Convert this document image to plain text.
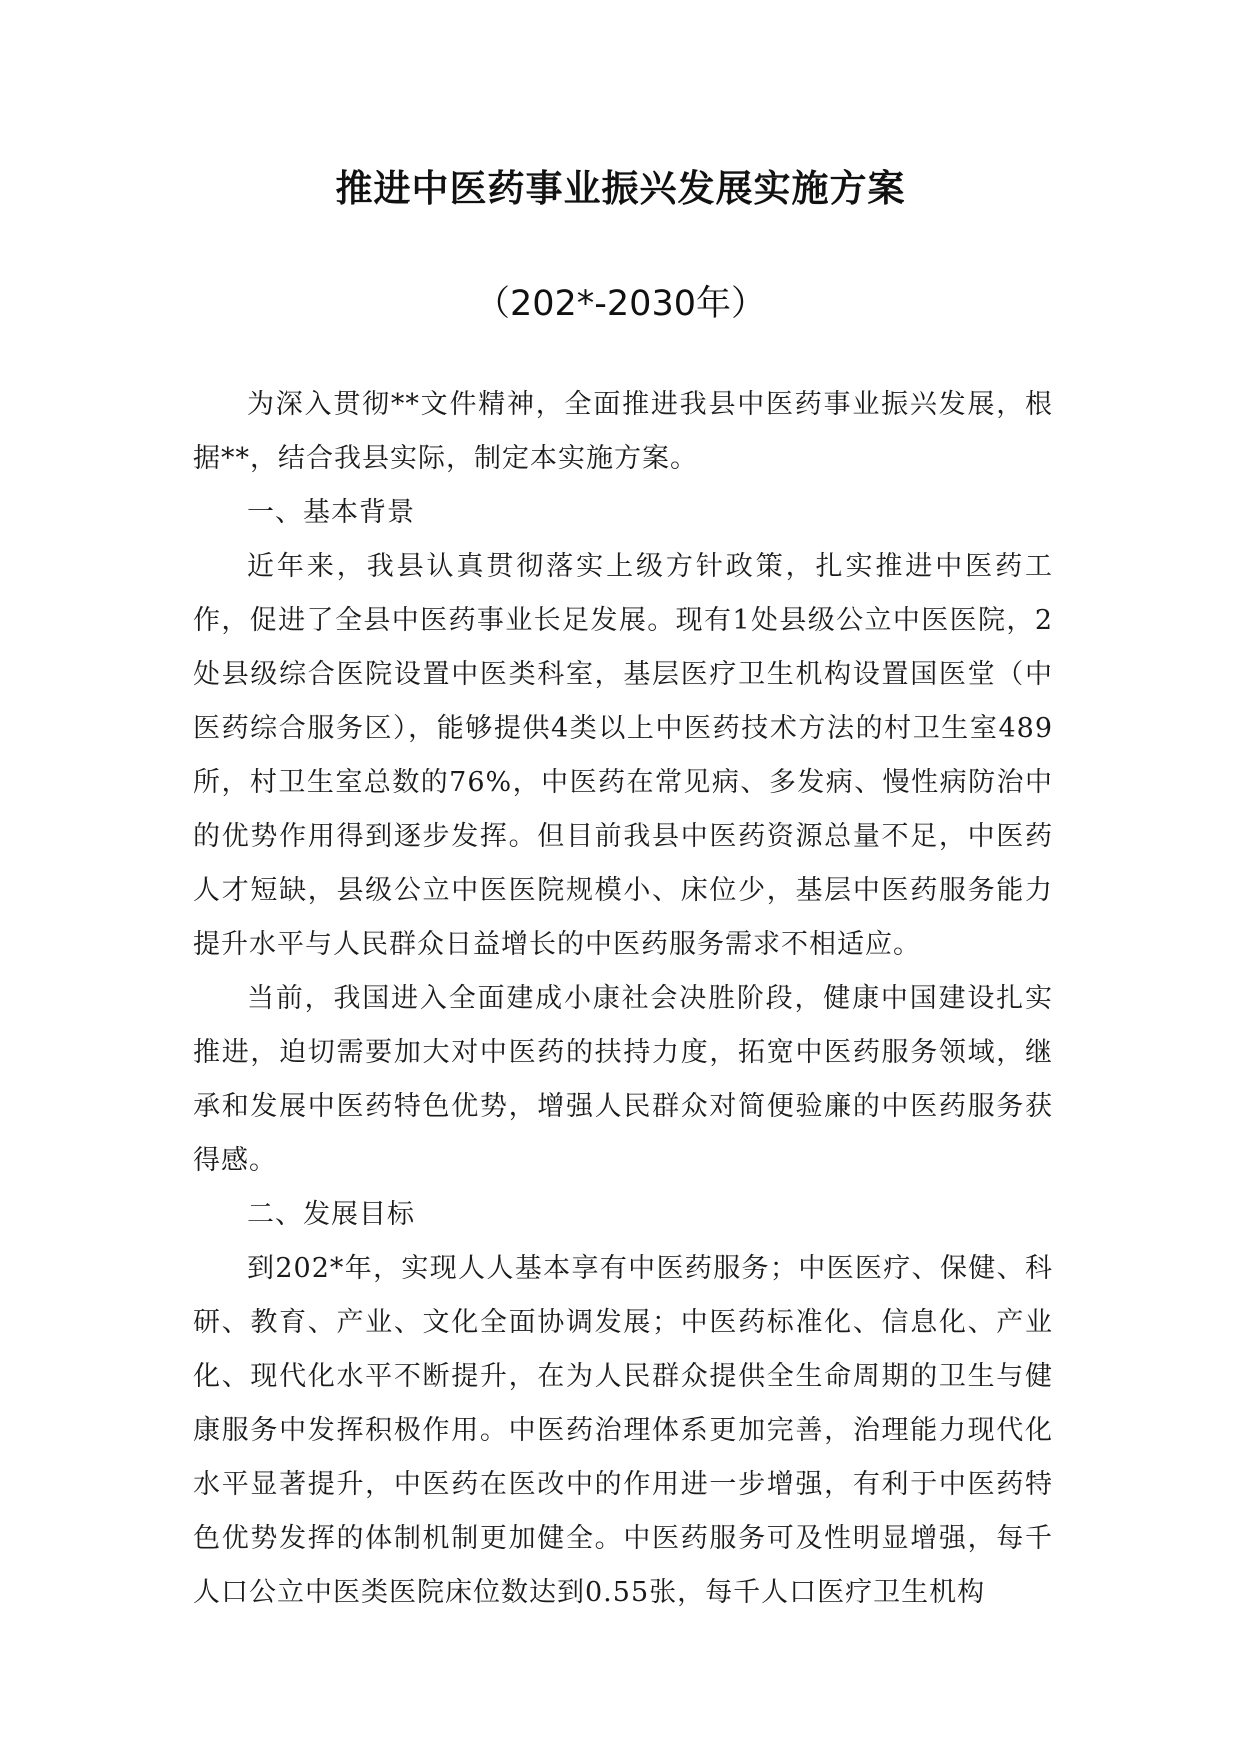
推进中医药事业振兴发展实施方案
（202*-2030年）

为深入贯彻**文件精神，全面推进我县中医药事业振兴发展，根据**，结合我县实际，制定本实施方案。

一、基本背景

近年来，我县认真贯彻落实上级方针政策，扎实推进中医药工作，促进了全县中医药事业长足发展。现有1处县级公立中医医院，2处县级综合医院设置中医类科室，基层医疗卫生机构设置国医堂（中医药综合服务区），能够提供4类以上中医药技术方法的村卫生室489所，村卫生室总数的76%，中医药在常见病、多发病、慢性病防治中的优势作用得到逐步发挥。但目前我县中医药资源总量不足，中医药人才短缺，县级公立中医医院规模小、床位少，基层中医药服务能力提升水平与人民群众日益增长的中医药服务需求不相适应。

当前，我国进入全面建成小康社会决胜阶段，健康中国建设扎实推进，迫切需要加大对中医药的扶持力度，拓宽中医药服务领域，继承和发展中医药特色优势，增强人民群众对简便验廉的中医药服务获得感。

二、发展目标

到202*年，实现人人基本享有中医药服务；中医医疗、保健、科研、教育、产业、文化全面协调发展；中医药标准化、信息化、产业化、现代化水平不断提升，在为人民群众提供全生命周期的卫生与健康服务中发挥积极作用。中医药治理体系更加完善，治理能力现代化水平显著提升，中医药在医改中的作用进一步增强，有利于中医药特色优势发挥的体制机制更加健全。中医药服务可及性明显增强，每千人口公立中医类医院床位数达到0.55张，每千人口医疗卫生机构
